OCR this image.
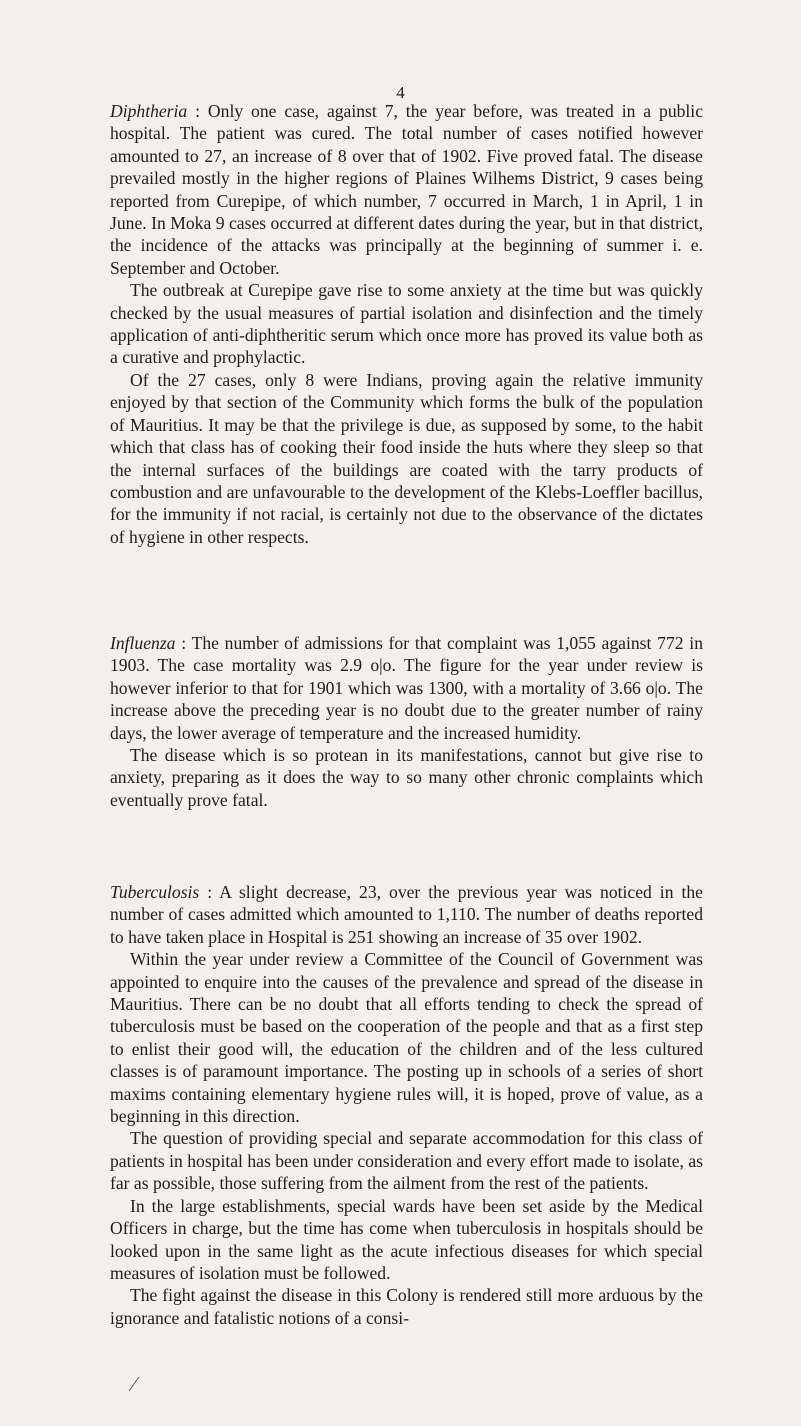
4

Diphtheria : Only one case, against 7, the year before, was treated in a public hospital. The patient was cured. The total number of cases notified however amounted to 27, an increase of 8 over that of 1902. Five proved fatal. The disease prevailed mostly in the higher regions of Plaines Wilhems District, 9 cases being reported from Curepipe, of which number, 7 occurred in March, 1 in April, 1 in June. In Moka 9 cases occurred at different dates during the year, but in that district, the incidence of the attacks was principally at the beginning of summer i. e. September and October.

The outbreak at Curepipe gave rise to some anxiety at the time but was quickly checked by the usual measures of partial isolation and disinfection and the timely application of anti-diphtheritic serum which once more has proved its value both as a curative and prophylactic.

Of the 27 cases, only 8 were Indians, proving again the relative immunity enjoyed by that section of the Community which forms the bulk of the population of Mauritius. It may be that the privilege is due, as supposed by some, to the habit which that class has of cooking their food inside the huts where they sleep so that the internal surfaces of the buildings are coated with the tarry products of combustion and are unfavourable to the development of the Klebs-Loeffler bacillus, for the immunity if not racial, is certainly not due to the observance of the dictates of hygiene in other respects.

Influenza : The number of admissions for that complaint was 1,055 against 772 in 1903. The case mortality was 2.9 o|o. The figure for the year under review is however inferior to that for 1901 which was 1300, with a mortality of 3.66 o|o. The increase above the preceding year is no doubt due to the greater number of rainy days, the lower average of temperature and the increased humidity.

The disease which is so protean in its manifestations, cannot but give rise to anxiety, preparing as it does the way to so many other chronic complaints which eventually prove fatal.

Tuberculosis : A slight decrease, 23, over the previous year was noticed in the number of cases admitted which amounted to 1,110. The number of deaths reported to have taken place in Hospital is 251 showing an increase of 35 over 1902.

Within the year under review a Committee of the Council of Government was appointed to enquire into the causes of the prevalence and spread of the disease in Mauritius. There can be no doubt that all efforts tending to check the spread of tuberculosis must be based on the cooperation of the people and that as a first step to enlist their good will, the education of the children and of the less cultured classes is of paramount importance. The posting up in schools of a series of short maxims containing elementary hygiene rules will, it is hoped, prove of value, as a beginning in this direction.

The question of providing special and separate accommodation for this class of patients in hospital has been under consideration and every effort made to isolate, as far as possible, those suffering from the ailment from the rest of the patients.

In the large establishments, special wards have been set aside by the Medical Officers in charge, but the time has come when tuberculosis in hospitals should be looked upon in the same light as the acute infectious diseases for which special measures of isolation must be followed.

The fight against the disease in this Colony is rendered still more arduous by the ignorance and fatalistic notions of a consi-
